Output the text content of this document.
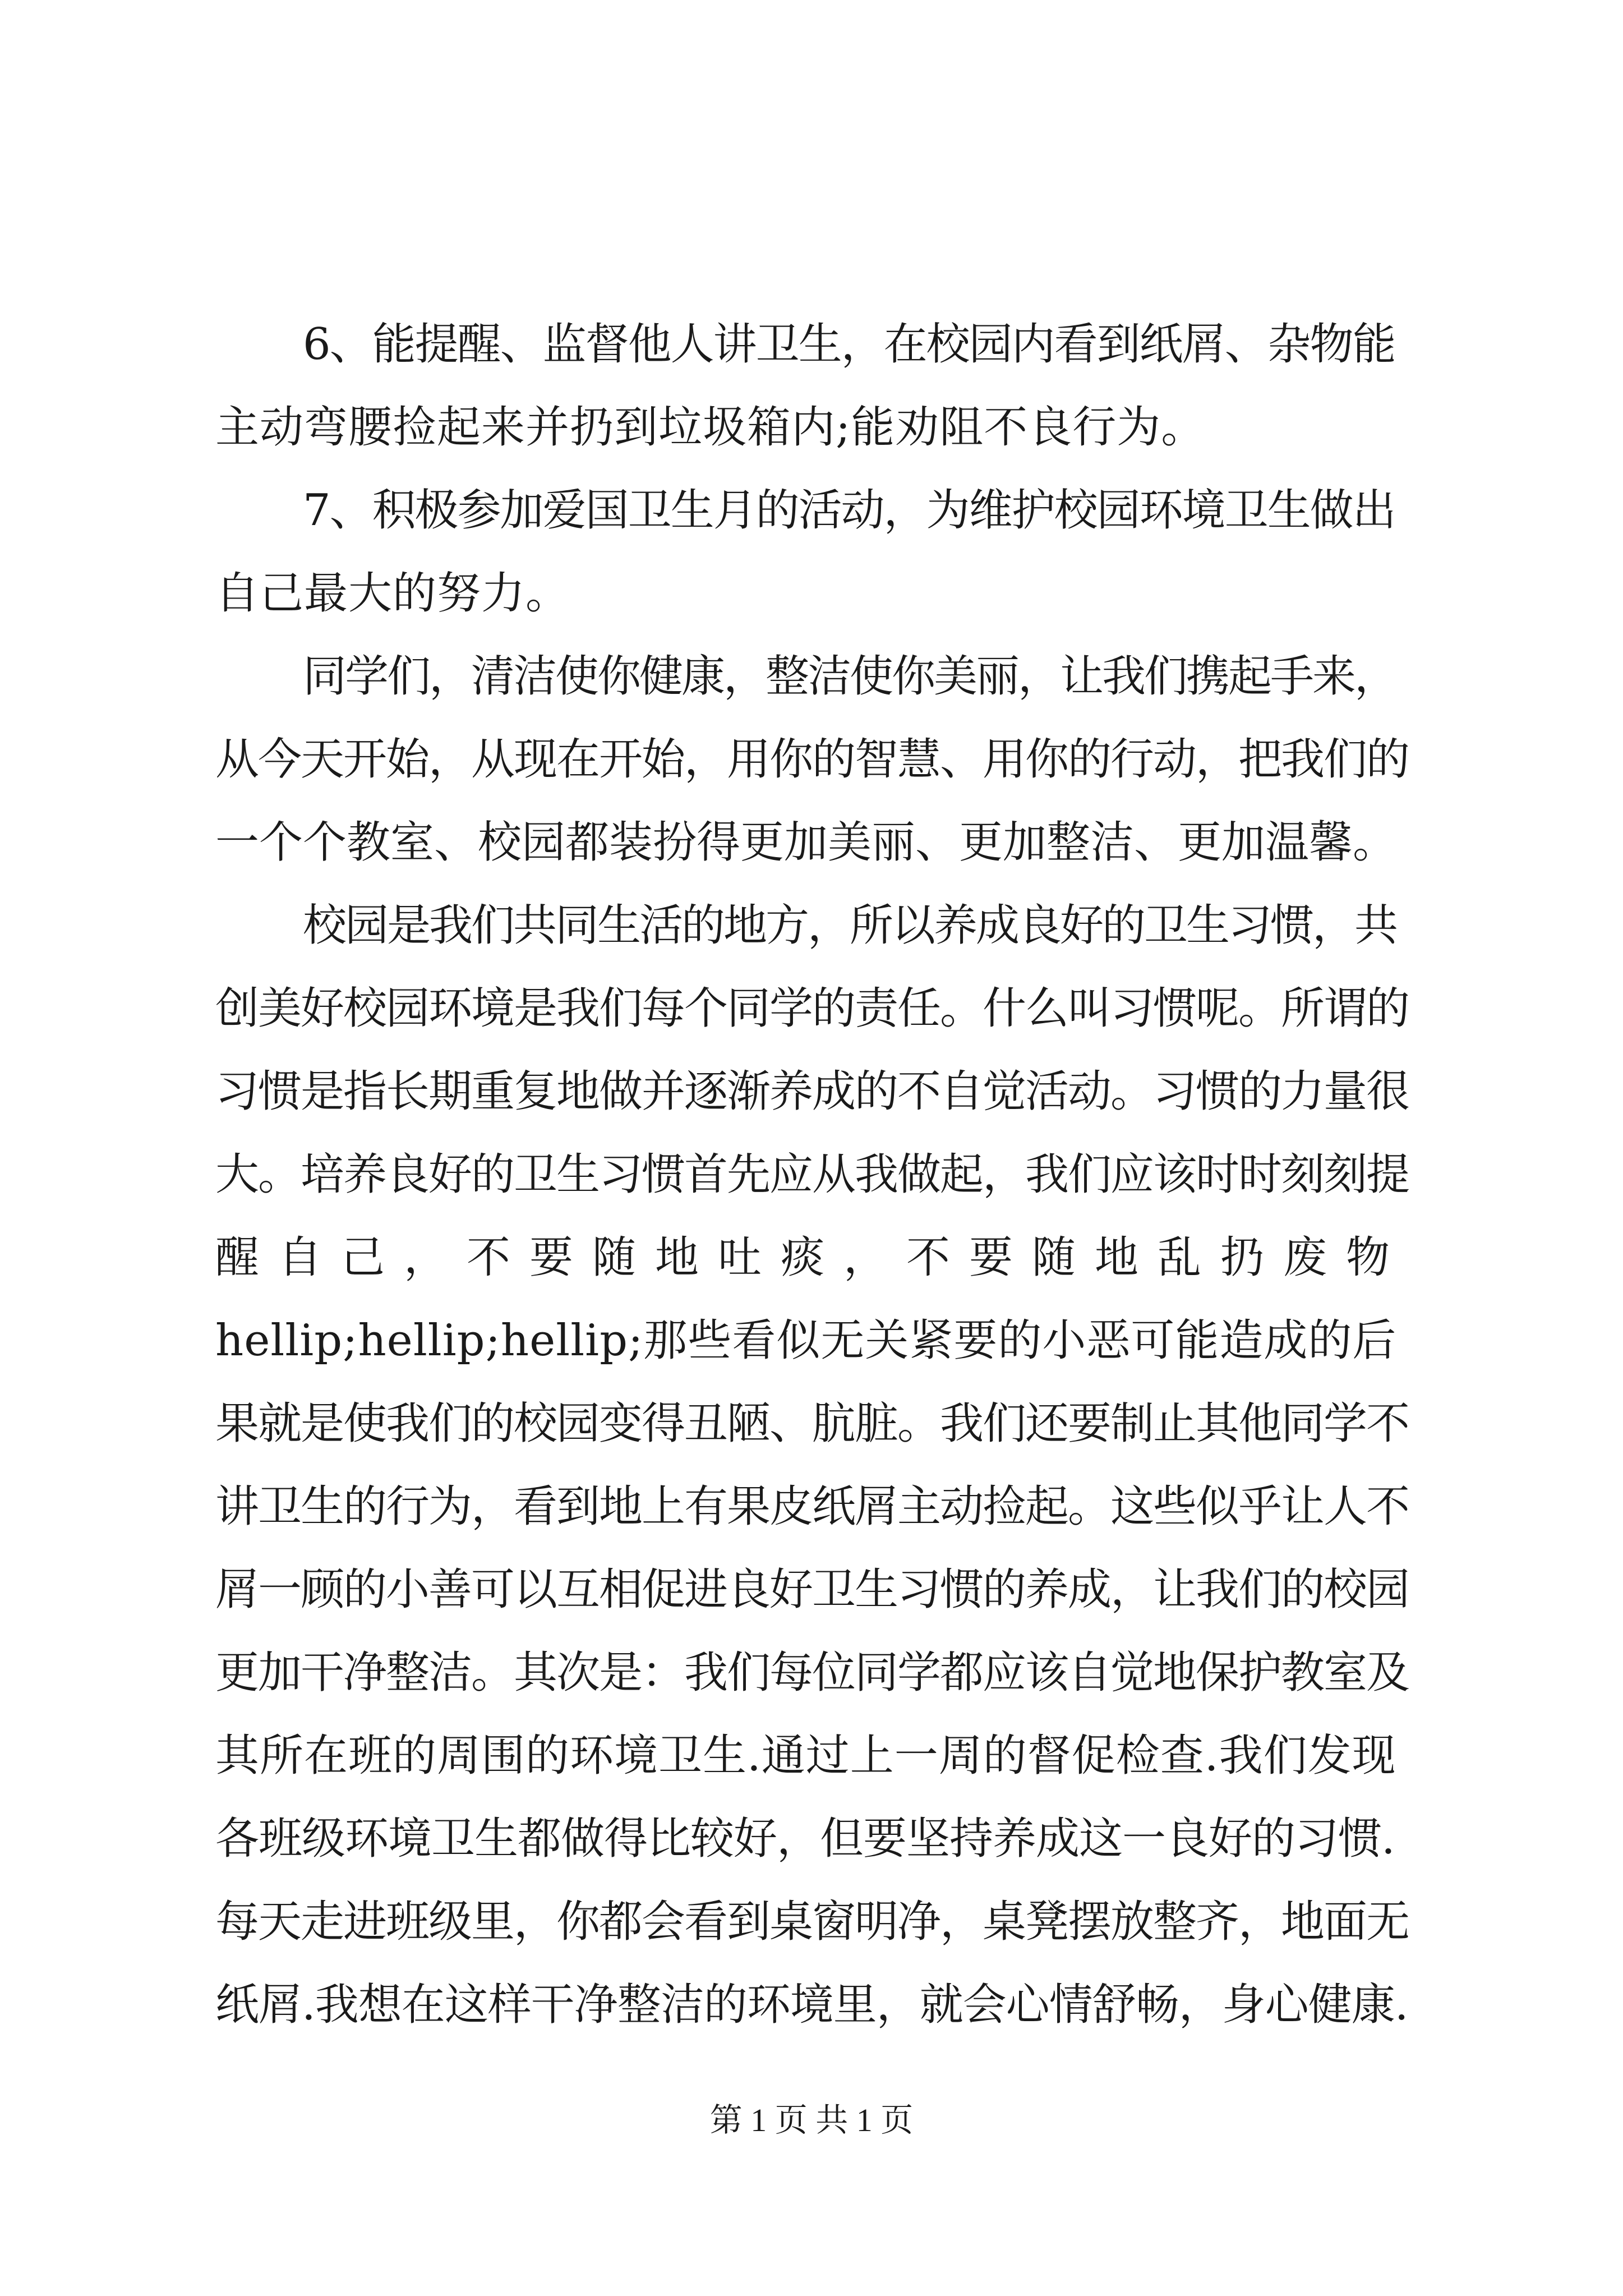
6、能提醒、监督他人讲卫生，在校园内看到纸屑、杂物能
主动弯腰捡起来并扔到垃圾箱内;能劝阻不良行为。
7、积极参加爱国卫生月的活动，为维护校园环境卫生做出
自己最大的努力。
同学们，清洁使你健康，整洁使你美丽，让我们携起手来，
从今天开始，从现在开始，用你的智慧、用你的行动，把我们的
一个个教室、校园都装扮得更加美丽、更加整洁、更加温馨。
校园是我们共同生活的地方，所以养成良好的卫生习惯，共
创美好校园环境是我们每个同学的责任。什么叫习惯呢。所谓的
习惯是指长期重复地做并逐渐养成的不自觉活动。习惯的力量很
大。培养良好的卫生习惯首先应从我做起，我们应该时时刻刻提
醒自己，不要随地吐痰，不要随地乱扔废物
hellip;hellip;hellip;那些看似无关紧要的小恶可能造成的后
果就是使我们的校园变得丑陋、肮脏。我们还要制止其他同学不
讲卫生的行为，看到地上有果皮纸屑主动捡起。这些似乎让人不
屑一顾的小善可以互相促进良好卫生习惯的养成，让我们的校园
更加干净整洁。其次是：我们每位同学都应该自觉地保护教室及
其所在班的周围的环境卫生.通过上一周的督促检查.我们发现
各班级环境卫生都做得比较好，但要坚持养成这一良好的习惯.
每天走进班级里，你都会看到桌窗明净，桌凳摆放整齐，地面无
纸屑.我想在这样干净整洁的环境里，就会心情舒畅，身心健康.
第 1 页 共 1 页
